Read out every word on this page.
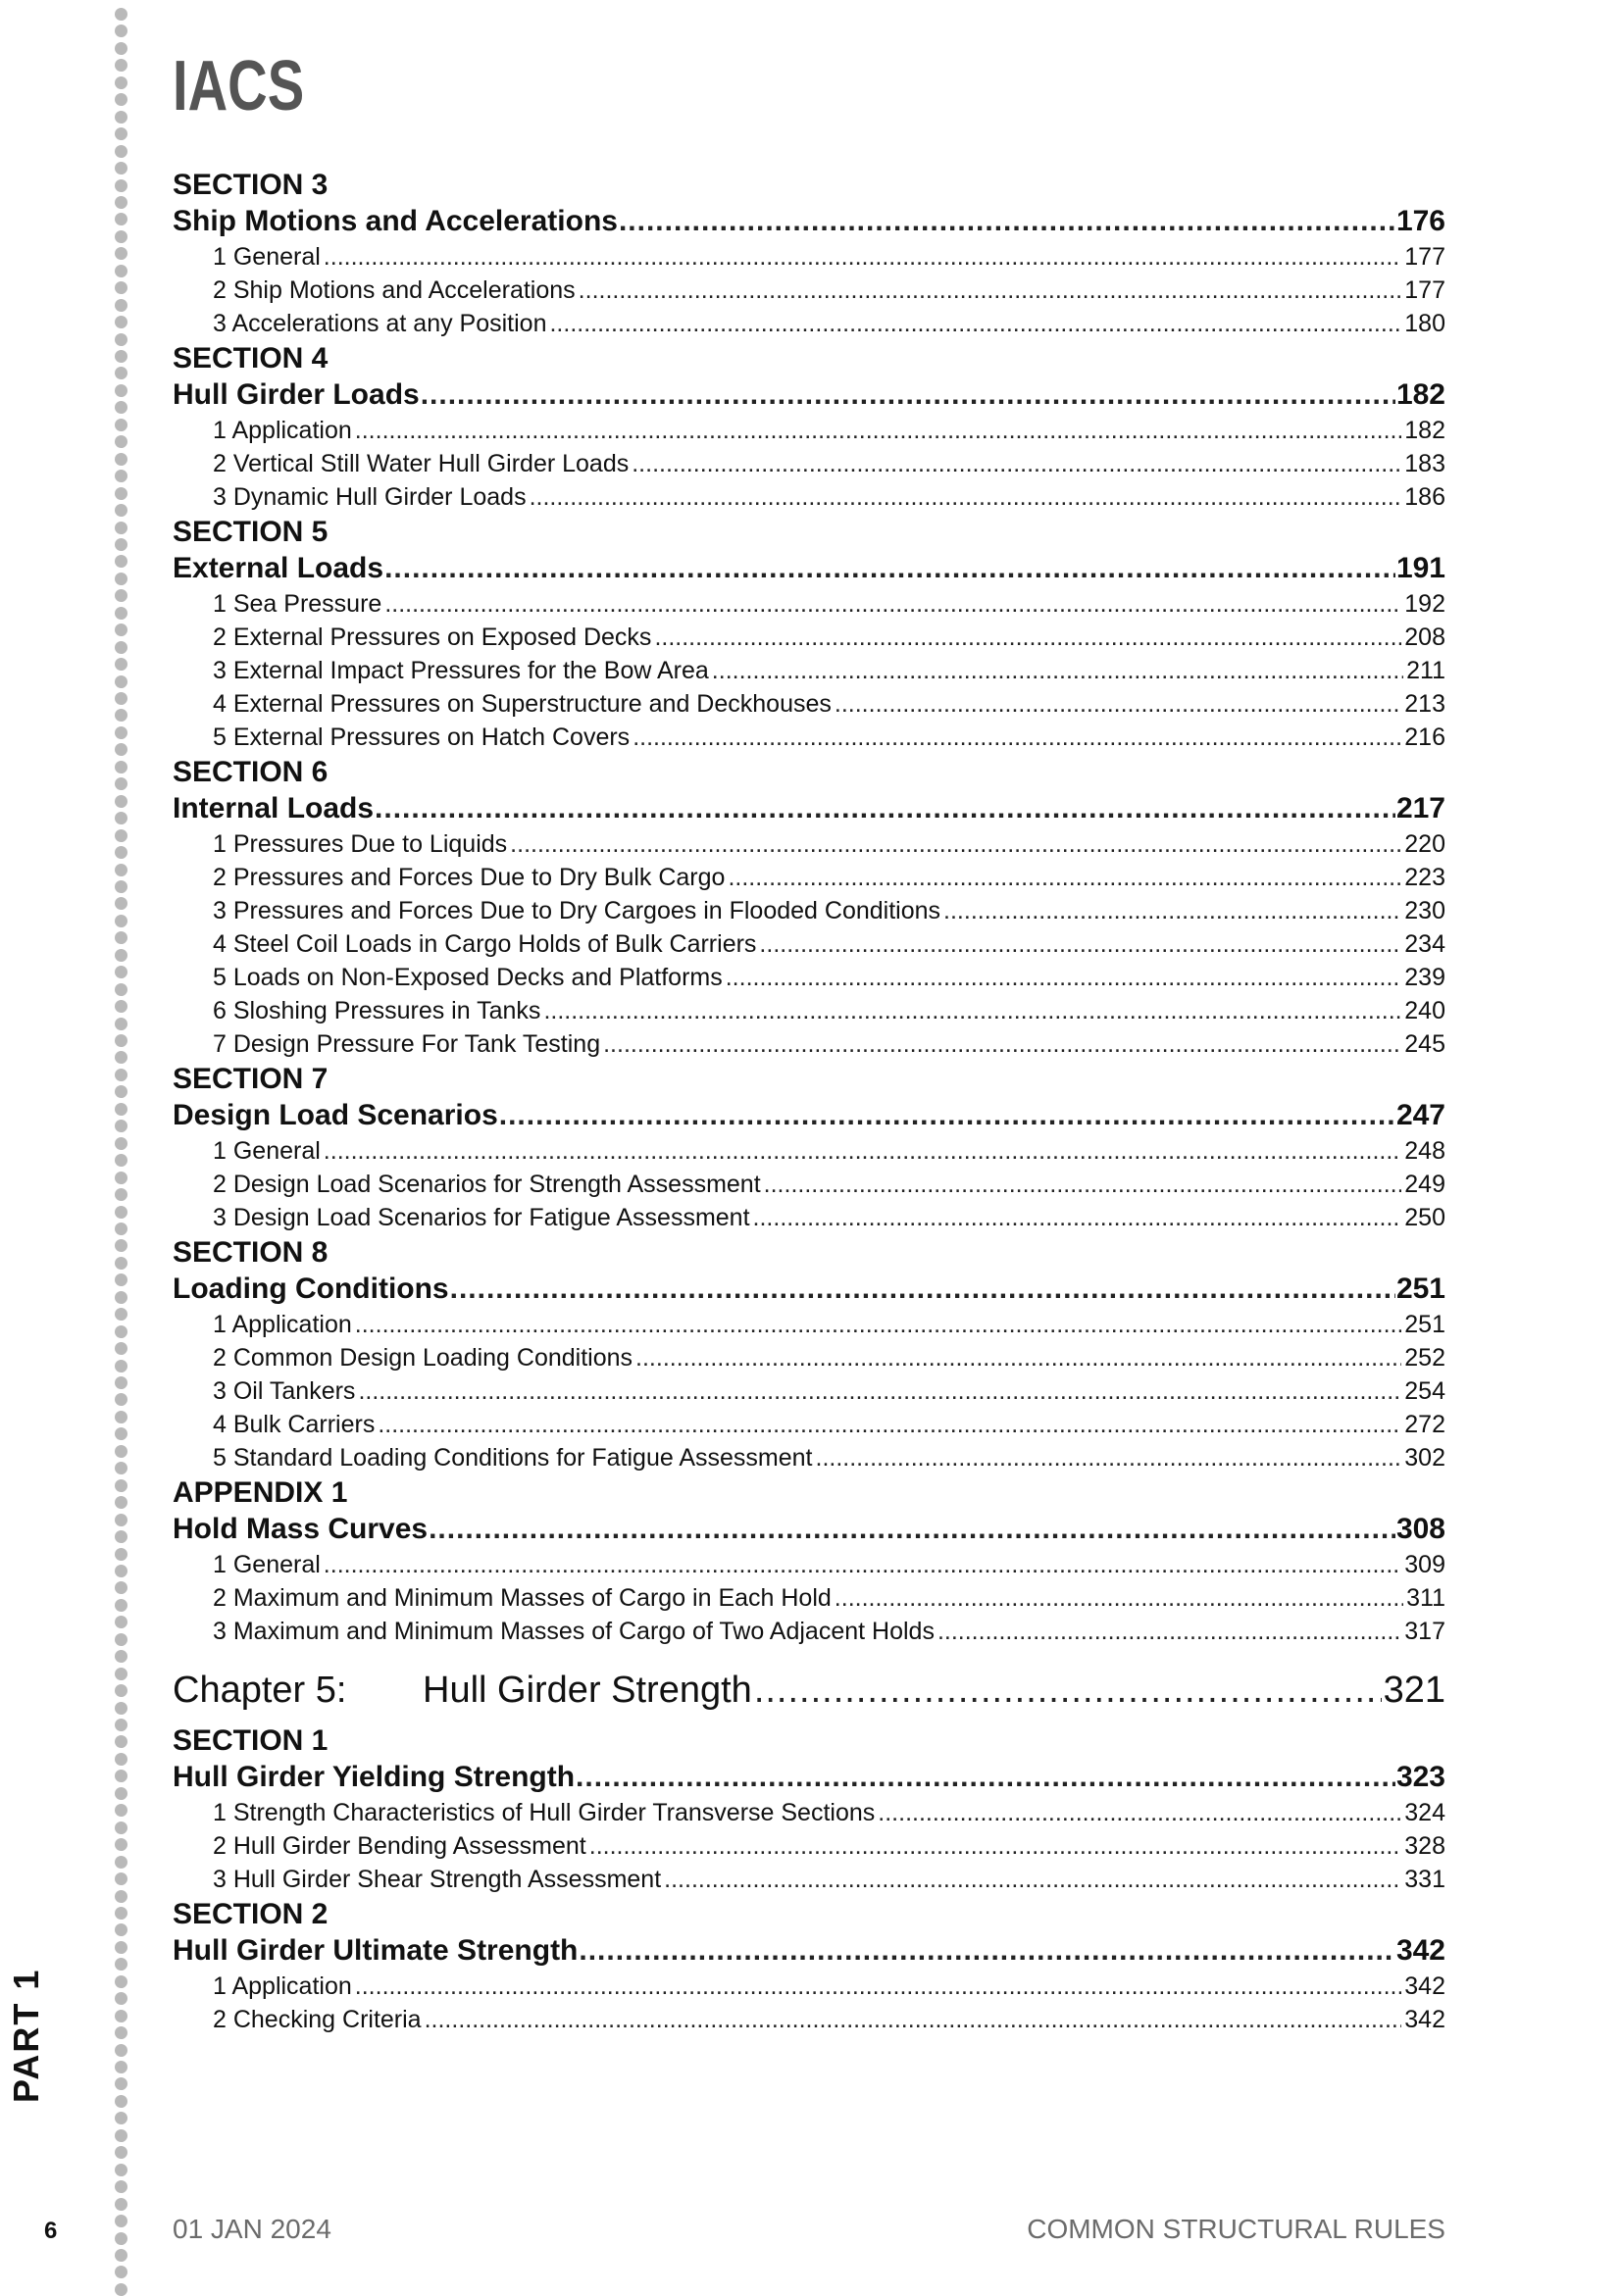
IACS
SECTION 3
Ship Motions and Accelerations .....	176
1 General .....	177
2 Ship Motions and Accelerations .....	177
3 Accelerations at any Position .....	180
SECTION 4
Hull Girder Loads .....	182
1 Application .....	182
2 Vertical Still Water Hull Girder Loads .....	183
3 Dynamic Hull Girder Loads .....	186
SECTION 5
External Loads .....	191
1 Sea Pressure .....	192
2 External Pressures on Exposed Decks .....	208
3 External Impact Pressures for the Bow Area .....	211
4 External Pressures on Superstructure and Deckhouses .....	213
5 External Pressures on Hatch Covers .....	216
SECTION 6
Internal Loads .....	217
1 Pressures Due to Liquids .....	220
2 Pressures and Forces Due to Dry Bulk Cargo .....	223
3 Pressures and Forces Due to Dry Cargoes in Flooded Conditions .....	230
4 Steel Coil Loads in Cargo Holds of Bulk Carriers .....	234
5 Loads on Non-Exposed Decks and Platforms .....	239
6 Sloshing Pressures in Tanks .....	240
7 Design Pressure For Tank Testing .....	245
SECTION 7
Design Load Scenarios .....	247
1 General .....	248
2 Design Load Scenarios for Strength Assessment .....	249
3 Design Load Scenarios for Fatigue Assessment .....	250
SECTION 8
Loading Conditions .....	251
1 Application .....	251
2 Common Design Loading Conditions .....	252
3 Oil Tankers .....	254
4 Bulk Carriers .....	272
5 Standard Loading Conditions for Fatigue Assessment .....	302
APPENDIX 1
Hold Mass Curves .....	308
1 General .....	309
2 Maximum and Minimum Masses of Cargo in Each Hold .....	311
3 Maximum and Minimum Masses of Cargo of Two Adjacent Holds .....	317
Chapter 5: Hull Girder Strength .....	321
SECTION 1
Hull Girder Yielding Strength .....	323
1 Strength Characteristics of Hull Girder Transverse Sections .....	324
2 Hull Girder Bending Assessment .....	328
3 Hull Girder Shear Strength Assessment .....	331
SECTION 2
Hull Girder Ultimate Strength .....	342
1 Application .....	342
2 Checking Criteria .....	342
PART 1
6	01 JAN 2024	COMMON STRUCTURAL RULES
